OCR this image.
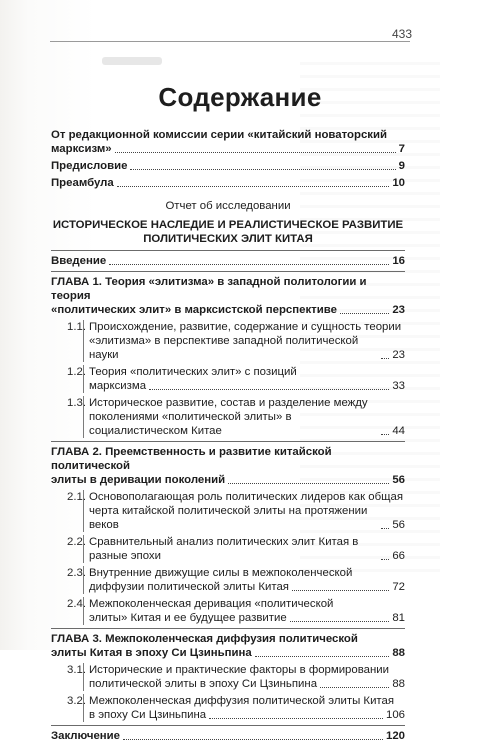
433
Содержание
От редакционной комиссии серии «китайский новаторский
марксизм»	7
Предисловие	9
Преамбула	10
Отчет об исследовании
ИСТОРИЧЕСКОЕ НАСЛЕДИЕ И РЕАЛИСТИЧЕСКОЕ РАЗВИТИЕ
ПОЛИТИЧЕСКИХ ЭЛИТ КИТАЯ
Введение	16
ГЛАВА 1. Теория «элитизма» в западной политологии и теория
«политических элит» в марксистской перспективе	23
1.1. Происхождение, развитие, содержание и сущность теории
«элитизма» в перспективе западной политической науки	23
1.2. Теория «политических элит» с позиций
марксизма	33
1.3. Историческое развитие, состав и разделение между
поколениями «политической элиты» в социалистическом Китае	44
ГЛАВА 2. Преемственность и развитие китайской политической
элиты в деривации поколений	56
2.1. Основополагающая роль политических лидеров как общая
черта китайской политической элиты на протяжении веков	56
2.2. Сравнительный анализ политических элит Китая в разные эпохи	66
2.3. Внутренние движущие силы в межпоколенческой
диффузии политической элиты Китая	72
2.4. Межпоколенческая деривация «политической
элиты» Китая и ее будущее развитие	81
ГЛАВА 3. Межпоколенческая диффузия политической
элиты Китая в эпоху Си Цзиньпина	88
3.1. Исторические и практические факторы в формировании
политической элиты в эпоху Си Цзиньпина	88
3.2. Межпоколенческая диффузия политической элиты Китая
в эпоху Си Цзиньпина	106
Заключение	120
